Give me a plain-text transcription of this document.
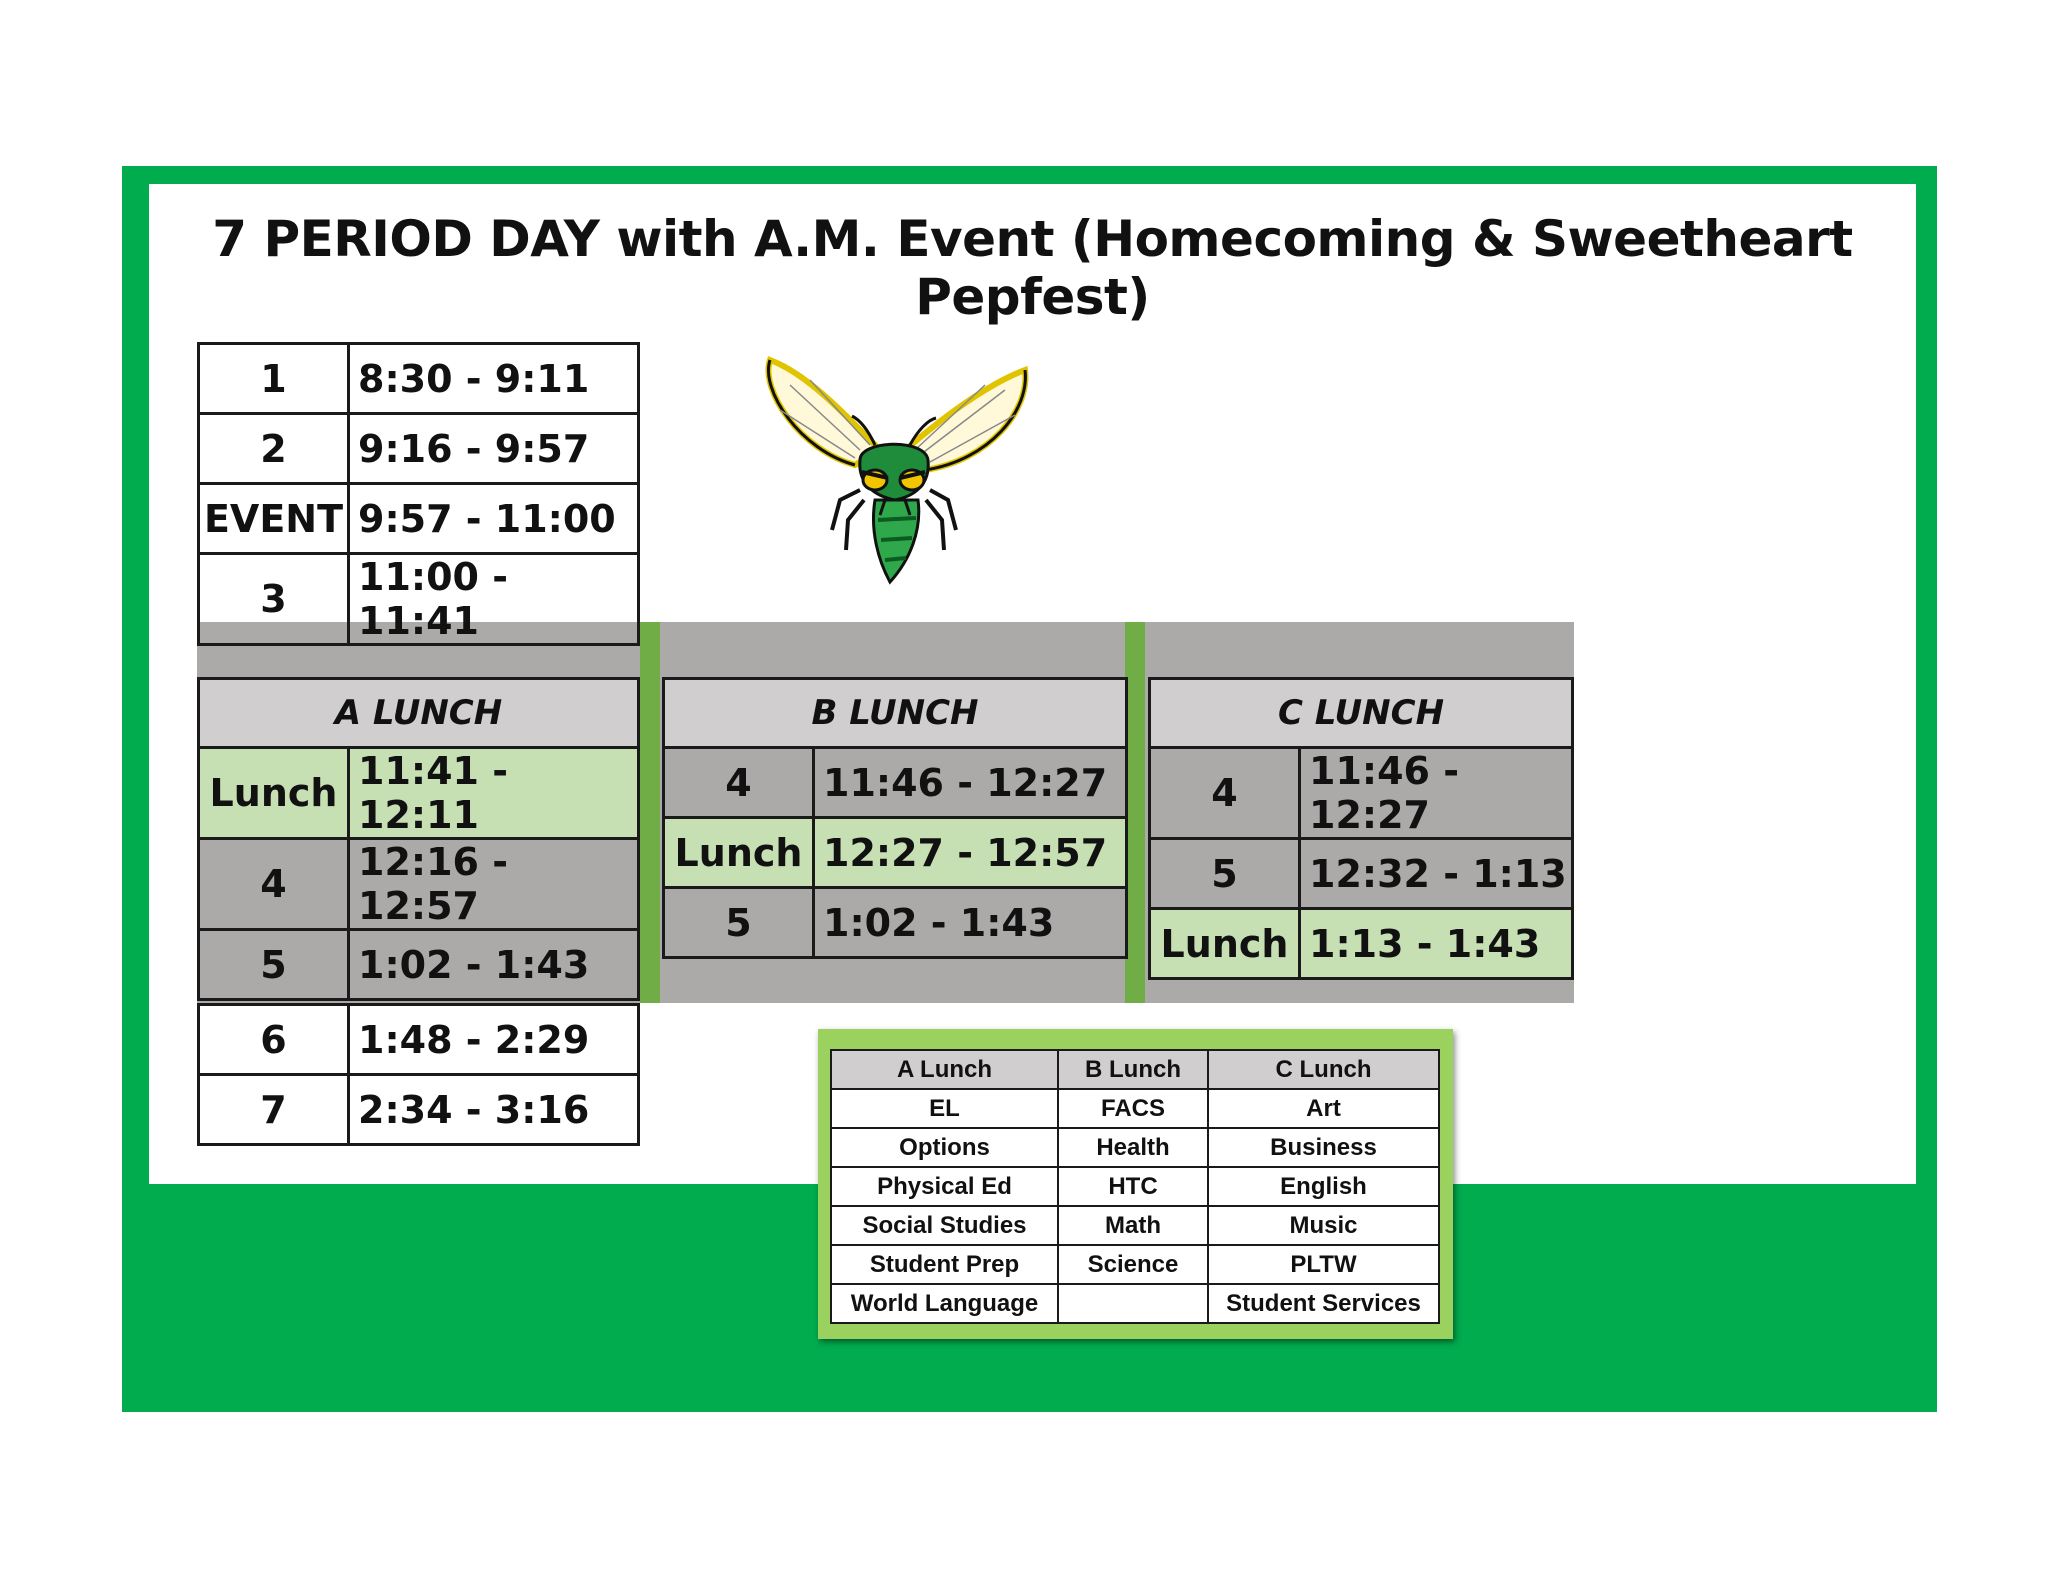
7 PERIOD DAY with A.M. Event (Homecoming & Sweetheart Pepfest)
1	8:30 - 9:11
2	9:16 - 9:57
EVENT	9:57 - 11:00
3	11:00 - 11:41
A LUNCH	
Lunch	11:41 - 12:11
4	12:16 - 12:57
5	1:02 - 1:43
B LUNCH	
4	11:46 - 12:27
Lunch	12:27 - 12:57
5	1:02 - 1:43
C LUNCH	
4	11:46 - 12:27
5	12:32 - 1:13
Lunch	1:13 - 1:43
6	1:48 - 2:29
7	2:34 - 3:16
A Lunch	B Lunch	C Lunch
EL	FACS	Art
Options	Health	Business
Physical Ed	HTC	English
Social Studies	Math	Music
Student Prep	Science	PLTW
World Language		Student Services
